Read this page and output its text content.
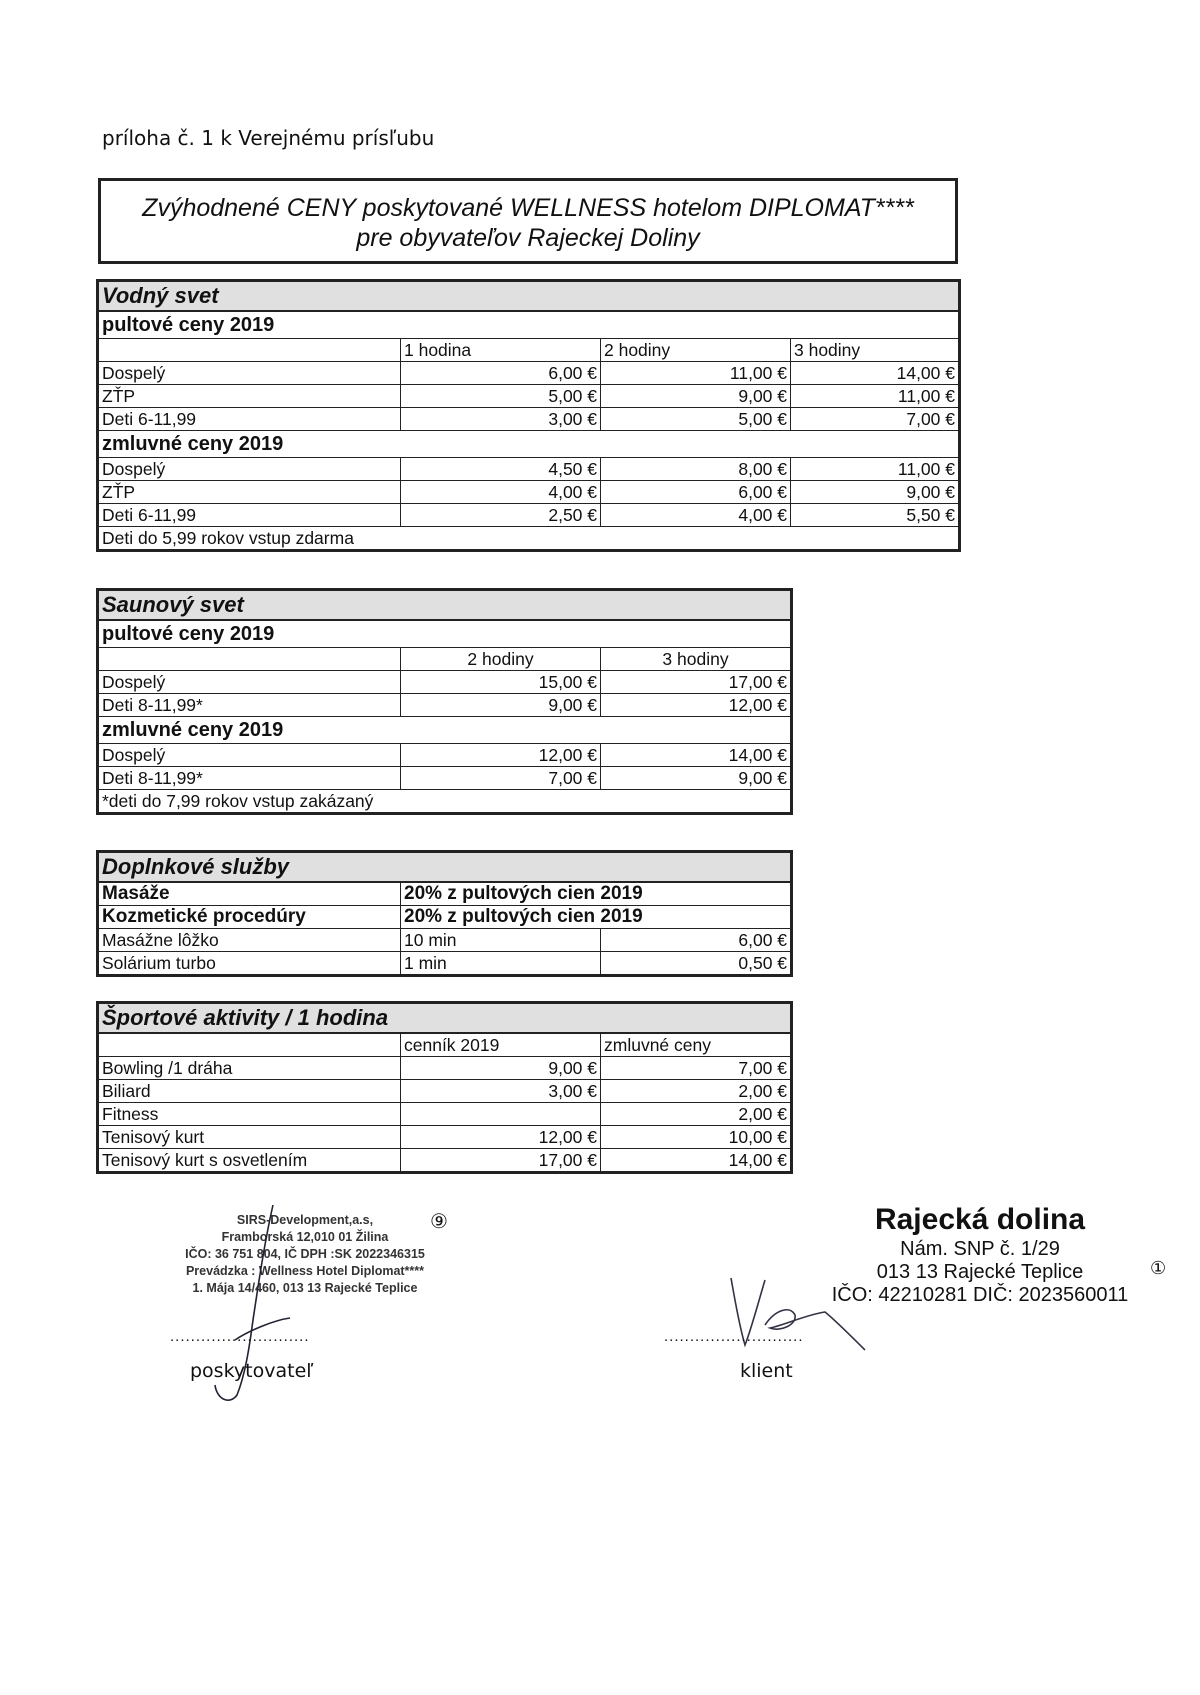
príloha č. 1 k Verejnému prísľubu
Zvýhodnené CENY poskytované WELLNESS hotelom DIPLOMAT****
pre obyvateľov Rajeckej Doliny
Vodný svet			
pultové ceny 2019			
	1 hodina	2 hodiny	3 hodiny
Dospelý	6,00 €	11,00 €	14,00 €
ZŤP	5,00 €	9,00 €	11,00 €
Deti 6-11,99	3,00 €	5,00 €	7,00 €
zmluvné ceny 2019			
Dospelý	4,50 €	8,00 €	11,00 €
ZŤP	4,00 €	6,00 €	9,00 €
Deti 6-11,99	2,50 €	4,00 €	5,50 €
Deti do 5,99 rokov vstup zdarma			
Saunový svet		
pultové ceny 2019		
	2 hodiny	3 hodiny
Dospelý	15,00 €	17,00 €
Deti 8-11,99*	9,00 €	12,00 €
zmluvné ceny 2019		
Dospelý	12,00 €	14,00 €
Deti 8-11,99*	7,00 €	9,00 €
*deti do 7,99 rokov vstup zakázaný		
Doplnkové služby		
Masáže	20% z pultových cien 2019	
Kozmetické procedúry	20% z pultových cien 2019	
Masážne lôžko	10 min	6,00 €
Solárium turbo	1 min	0,50 €
Športové aktivity / 1 hodina		
	cenník 2019	zmluvné ceny
Bowling /1 dráha	9,00 €	7,00 €
Biliard	3,00 €	2,00 €
Fitness		2,00 €
Tenisový kurt	12,00 €	10,00 €
Tenisový kurt s osvetlením	17,00 €	14,00 €
SIRS-Development,a.s,
Framborská 12,010 01 Žilina
IČO: 36 751 804, IČ DPH :SK 2022346315
Prevádzka : Wellness Hotel Diplomat****
1. Mája 14/460, 013 13 Rajecké Teplice
⑨
...........................
poskytovateľ
Rajecká dolina
Nám. SNP č. 1/29
013 13 Rajecké Teplice
IČO: 42210281 DIČ: 2023560011
①
...........................
klient
